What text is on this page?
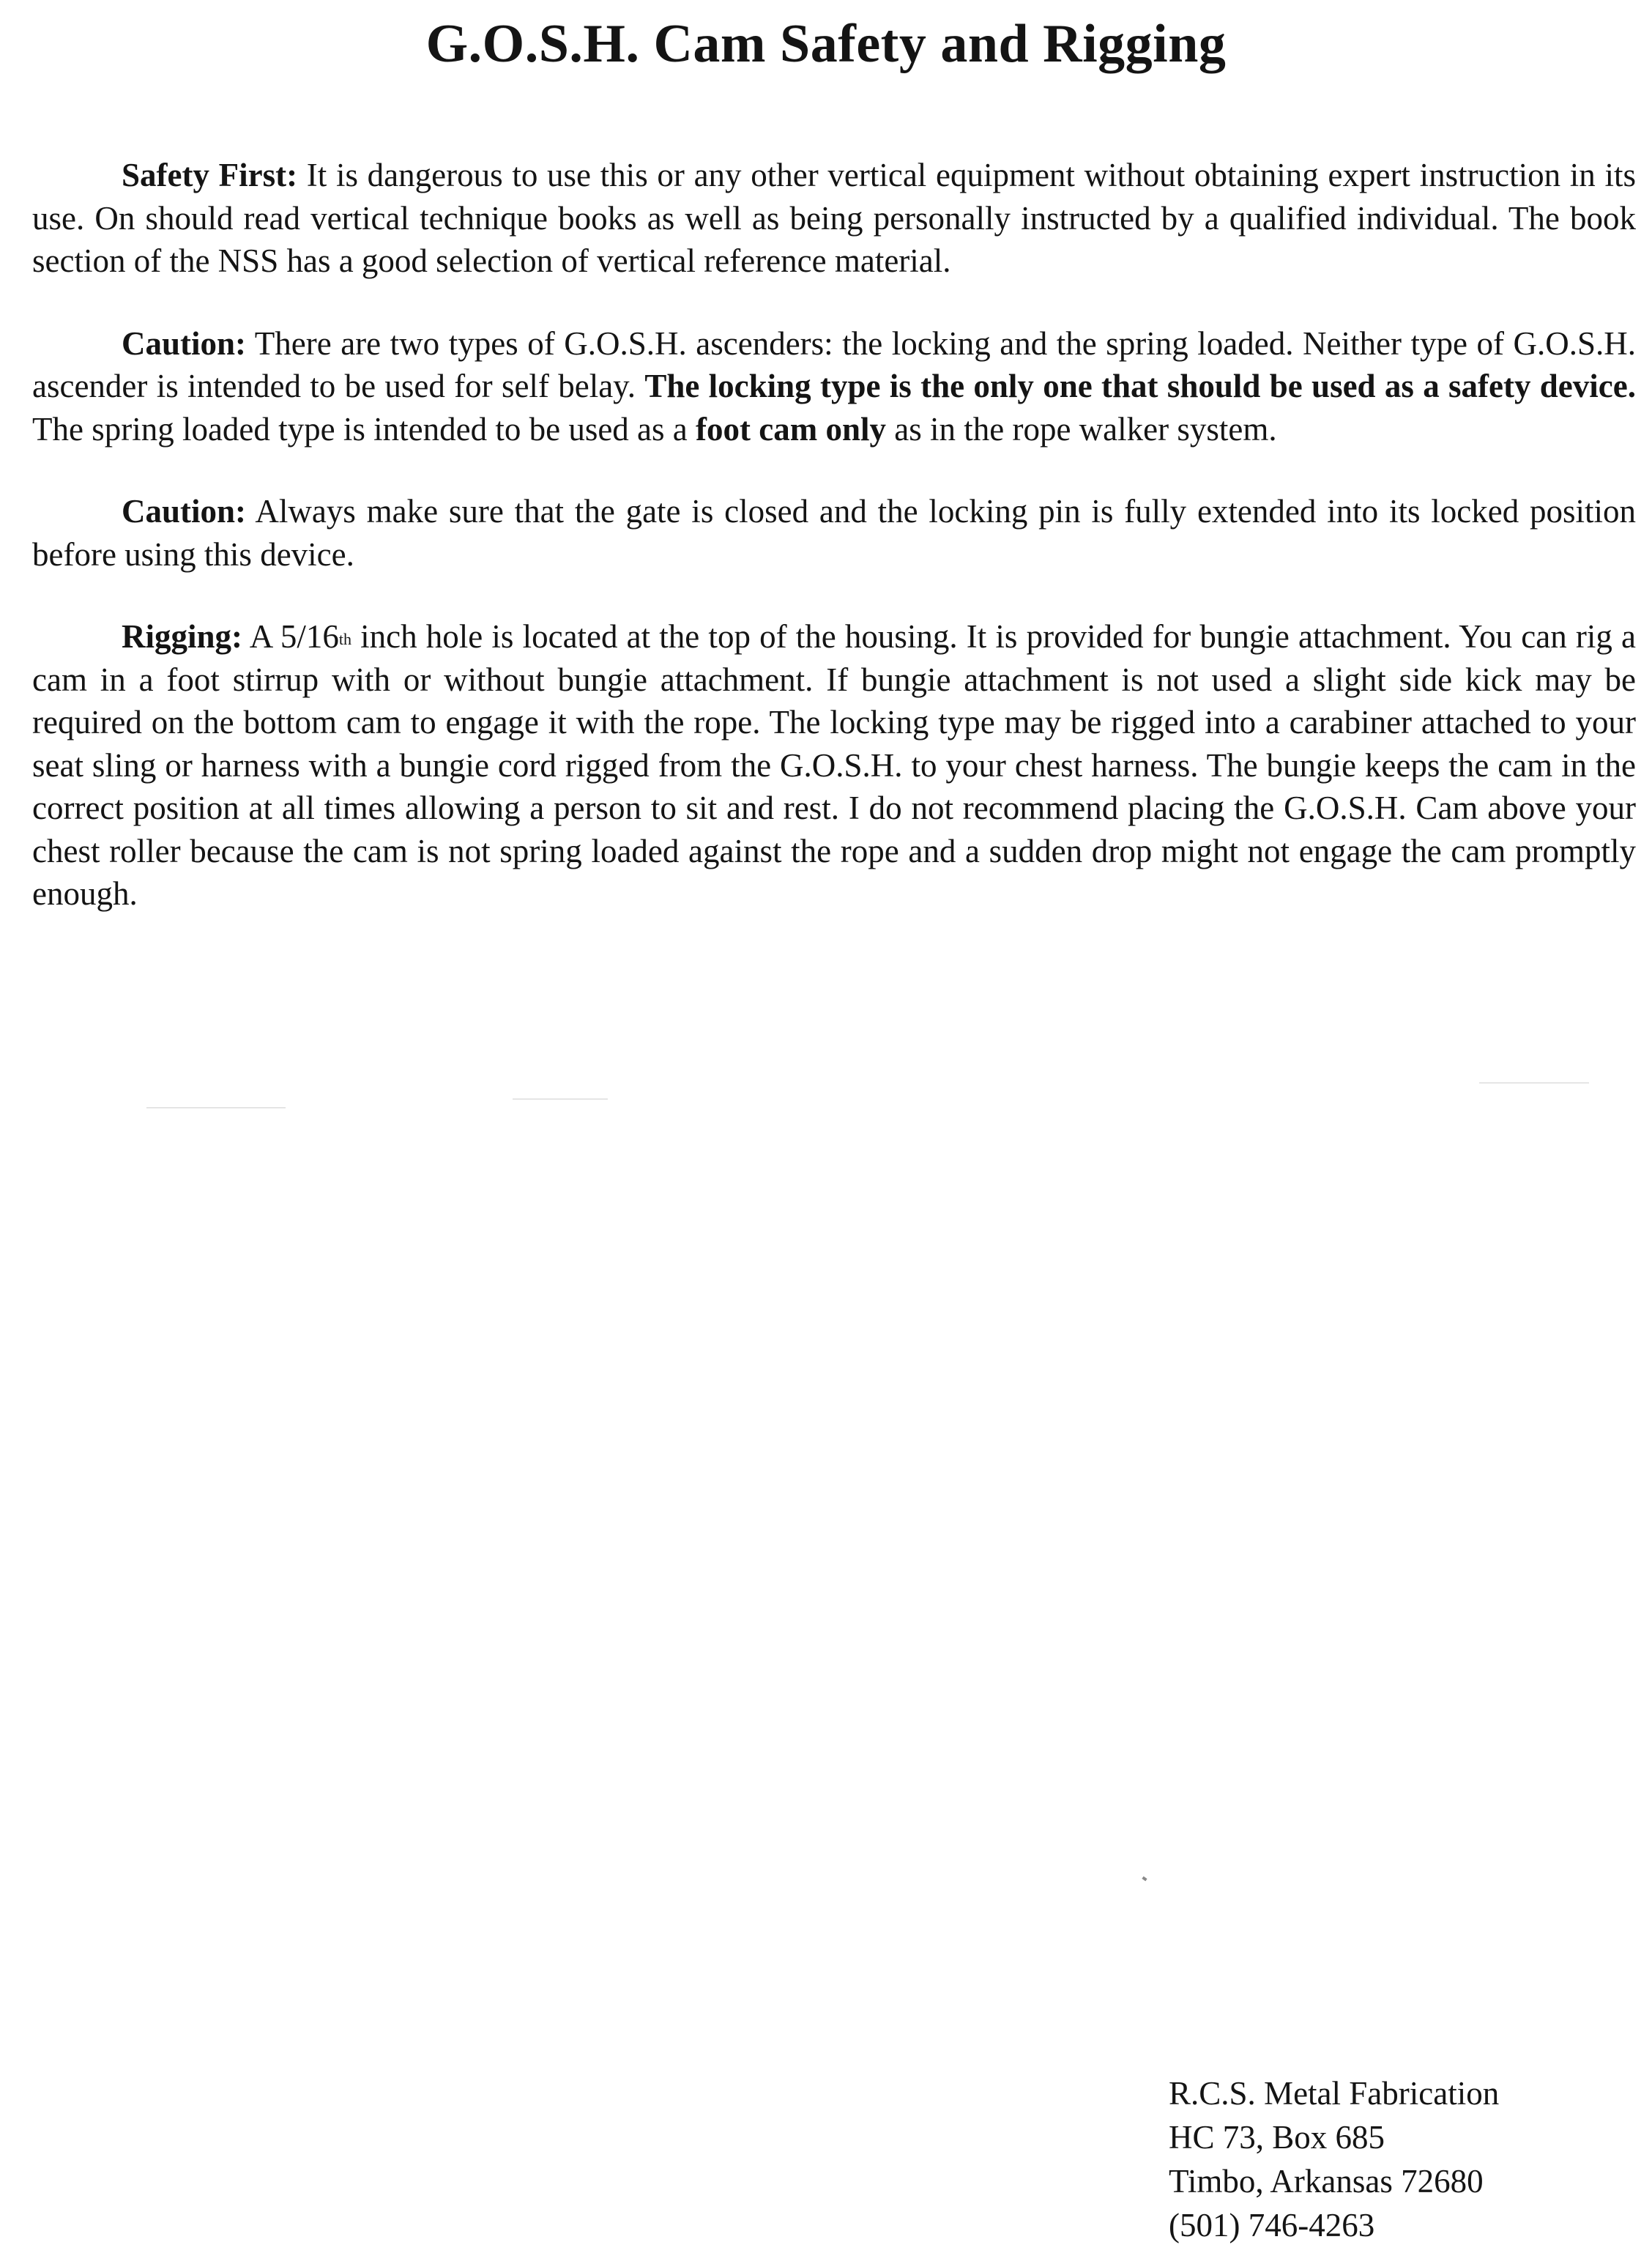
G.O.S.H. Cam Safety and Rigging

Safety First: It is dangerous to use this or any other vertical equipment without obtaining expert instruction in its use. On should read vertical technique books as well as being personally instructed by a qualified individual. The book section of the NSS has a good selection of vertical reference material.

Caution: There are two types of G.O.S.H. ascenders: the locking and the spring loaded. Neither type of G.O.S.H. ascender is intended to be used for self belay. The locking type is the only one that should be used as a safety device. The spring loaded type is intended to be used as a foot cam only as in the rope walker system.

Caution: Always make sure that the gate is closed and the locking pin is fully extended into its locked position before using this device.

Rigging: A 5/16th inch hole is located at the top of the housing. It is provided for bungie attachment. You can rig a cam in a foot stirrup with or without bungie attachment. If bungie attachment is not used a slight side kick may be required on the bottom cam to engage it with the rope. The locking type may be rigged into a carabiner attached to your seat sling or harness with a bungie cord rigged from the G.O.S.H. to your chest harness. The bungie keeps the cam in the correct position at all times allowing a person to sit and rest. I do not recommend placing the G.O.S.H. Cam above your chest roller because the cam is not spring loaded against the rope and a sudden drop might not engage the cam promptly enough.

R.C.S. Metal Fabrication
HC 73, Box 685
Timbo, Arkansas 72680
(501) 746-4263
